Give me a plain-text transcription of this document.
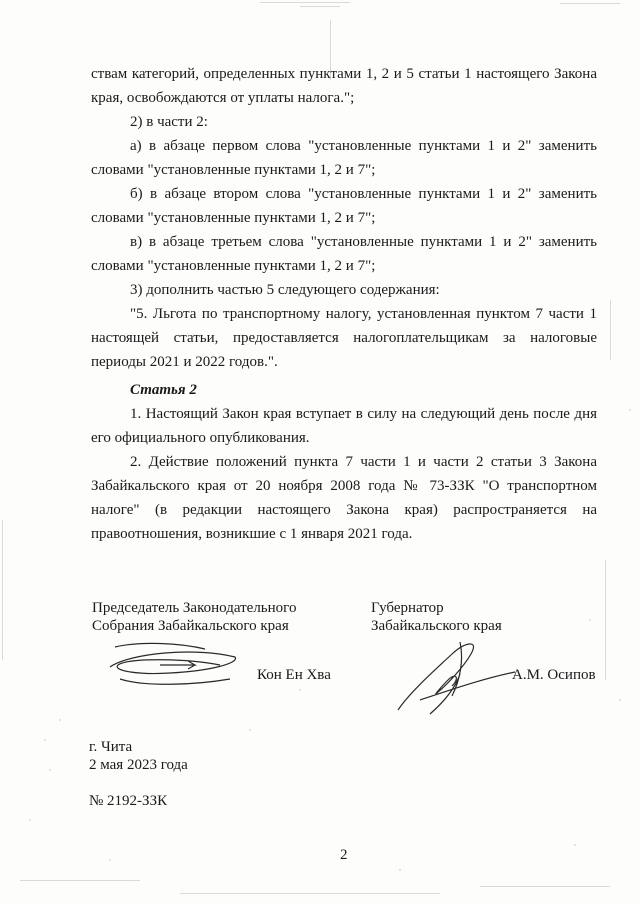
ствам категорий, определенных пунктами 1, 2 и 5 статьи 1 настоящего Закона края, освобождаются от уплаты налога.";

2) в части 2:

а) в абзаце первом слова "установленные пунктами 1 и 2" заменить словами "установленные пунктами 1, 2 и 7";

б) в абзаце втором слова "установленные пунктами 1 и 2" заменить словами "установленные пунктами 1, 2 и 7";

в) в абзаце третьем слова "установленные пунктами 1 и 2" заменить словами "установленные пунктами 1, 2 и 7";

3) дополнить частью 5 следующего содержания:

"5. Льгота по транспортному налогу, установленная пунктом 7 части 1 настоящей статьи, предоставляется налогоплательщикам за налоговые периоды 2021 и 2022 годов.".

Статья 2

1. Настоящий Закон края вступает в силу на следующий день после дня его официального опубликования.

2. Действие положений пункта 7 части 1 и части 2 статьи 3 Закона Забайкальского края от 20 ноября 2008 года № 73-ЗЗК "О транспортном налоге" (в редакции настоящего Закона края) распространяется на правоотношения, возникшие с 1 января 2021 года.

Председатель Законодательного
Собрания Забайкальского края
Кон Ен Хва
Губернатор
Забайкальского края
А.М. Осипов
г. Чита
2 мая 2023 года
№ 2192-ЗЗК
2
